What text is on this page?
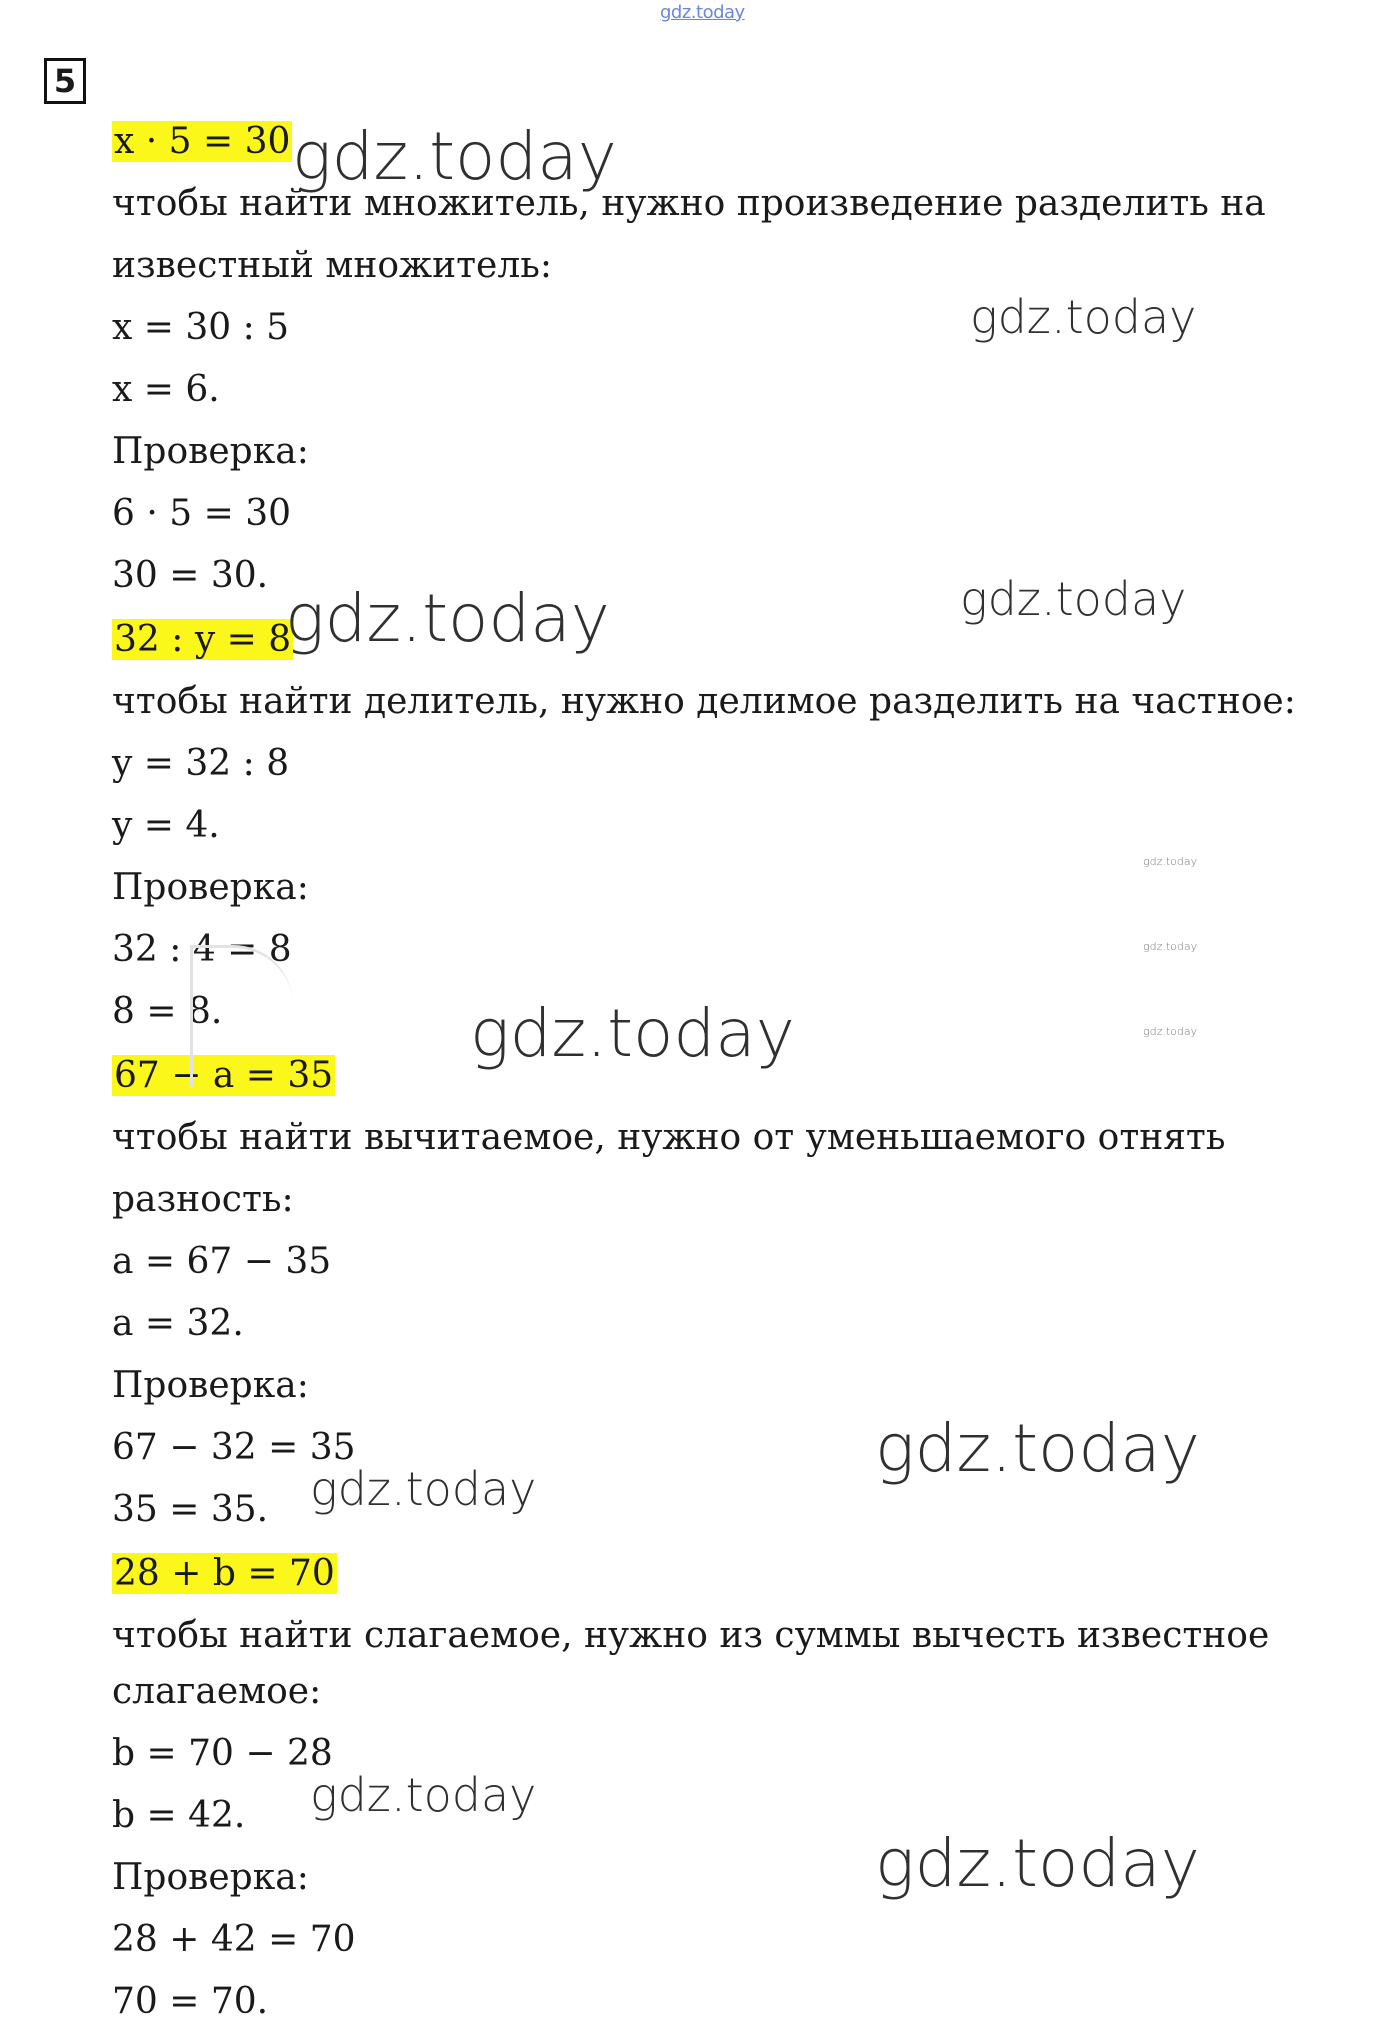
gdz.today
5
x · 5 = 30
чтобы найти множитель, нужно произведение разделить на
известный множитель:
x = 30 : 5
x = 6.
Проверка:
6 · 5 = 30
30 = 30.
32 : y = 8
чтобы найти делитель, нужно делимое разделить на частное:
y = 32 : 8
y = 4.
Проверка:
32 : 4 = 8
8 = 8.
67 − a = 35
чтобы найти вычитаемое, нужно от уменьшаемого отнять
разность:
a = 67 − 35
a = 32.
Проверка:
67 − 32 = 35
35 = 35.
28 + b = 70
чтобы найти слагаемое, нужно из суммы вычесть известное
слагаемое:
b = 70 − 28
b = 42.
Проверка:
28 + 42 = 70
70 = 70.
gdz.today
gdz.today
gdz.today	gdz.today
gdz.today
gdz.today
gdz.today
gdz.today
gdz.today
gdz.today
gdz.today
gdz.today
